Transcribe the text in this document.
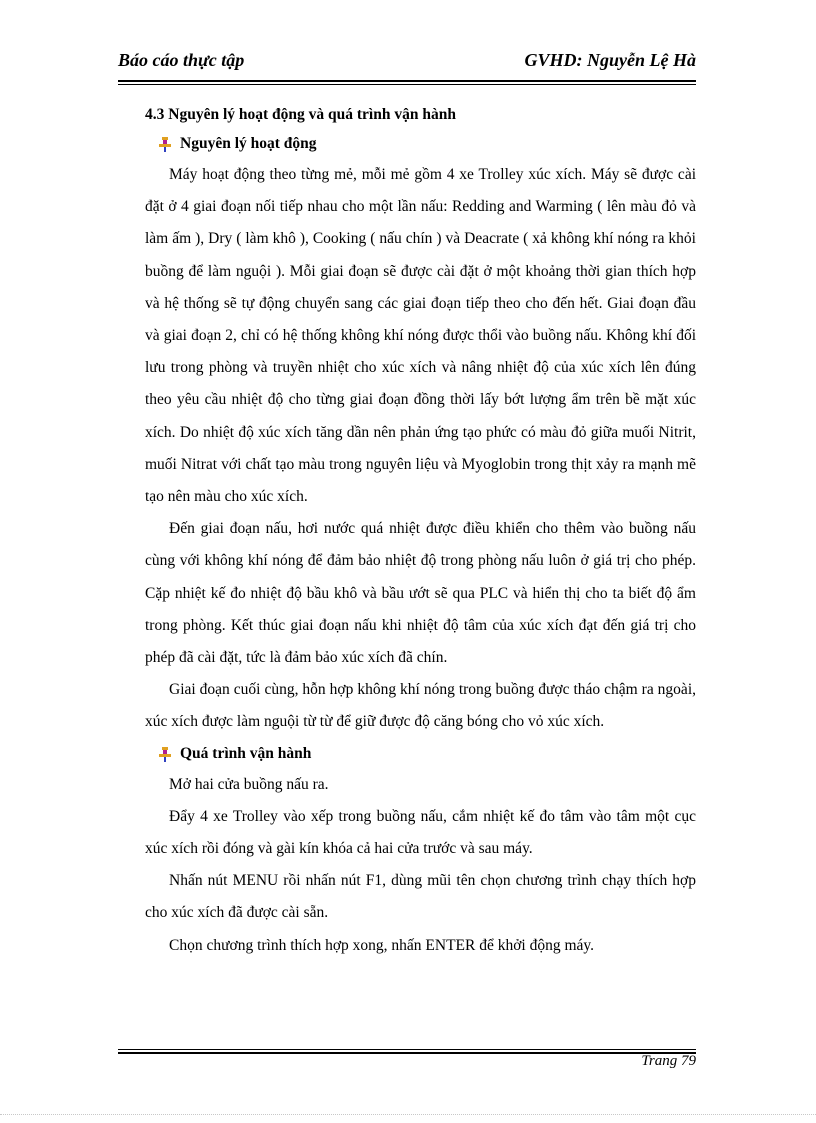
Báo cáo thực tập	GVHD: Nguyễn Lệ Hà
4.3 Nguyên lý hoạt động và quá trình vận hành
Nguyên lý hoạt động

Máy hoạt động theo từng mẻ, mỗi mẻ gồm 4 xe Trolley xúc xích. Máy sẽ được cài đặt ở 4 giai đoạn nối tiếp nhau cho một lần nấu: Redding and Warming ( lên màu đỏ và làm ấm ), Dry ( làm khô ), Cooking ( nấu chín ) và Deacrate ( xả không khí nóng ra khỏi buồng để làm nguội ). Mỗi giai đoạn sẽ được cài đặt ở một khoảng thời gian thích hợp và hệ thống sẽ tự động chuyển sang các giai đoạn tiếp theo cho đến hết. Giai đoạn đầu và giai đoạn 2, chỉ có hệ thống không khí nóng được thổi vào buồng nấu. Không khí đối lưu trong phòng và truyền nhiệt cho xúc xích và nâng nhiệt độ của xúc xích lên đúng theo yêu cầu nhiệt độ cho từng giai đoạn đồng thời lấy bớt lượng ẩm trên bề mặt xúc xích. Do nhiệt độ xúc xích tăng dần nên phản ứng tạo phức có màu đỏ giữa muối Nitrit, muối Nitrat với chất tạo màu trong nguyên liệu và Myoglobin trong thịt xảy ra mạnh mẽ tạo nên màu cho xúc xích.

Đến giai đoạn nấu, hơi nước quá nhiệt được điều khiển cho thêm vào buồng nấu cùng với không khí nóng để đảm bảo nhiệt độ trong phòng nấu luôn ở giá trị cho phép. Cặp nhiệt kế đo nhiệt độ bầu khô và bầu ướt sẽ qua PLC và hiển thị cho ta biết độ ẩm trong phòng. Kết thúc giai đoạn nấu khi nhiệt độ tâm của xúc xích đạt đến giá trị cho phép đã cài đặt, tức là đảm bảo xúc xích đã chín.

Giai đoạn cuối cùng, hỗn hợp không khí nóng trong buồng được tháo chậm ra ngoài, xúc xích được làm nguội từ từ để giữ được độ căng bóng cho vỏ xúc xích.

Quá trình vận hành

Mở hai cửa buồng nấu ra.

Đẩy 4 xe Trolley vào xếp trong buồng nấu, cắm nhiệt kế đo tâm vào tâm một cục xúc xích rồi đóng và gài kín khóa cả hai cửa trước và sau máy.

Nhấn nút MENU rồi nhấn nút F1, dùng mũi tên chọn chương trình chạy thích hợp cho xúc xích đã được cài sẵn.

Chọn chương trình thích hợp xong, nhấn ENTER để khởi động máy.

Trang 79
